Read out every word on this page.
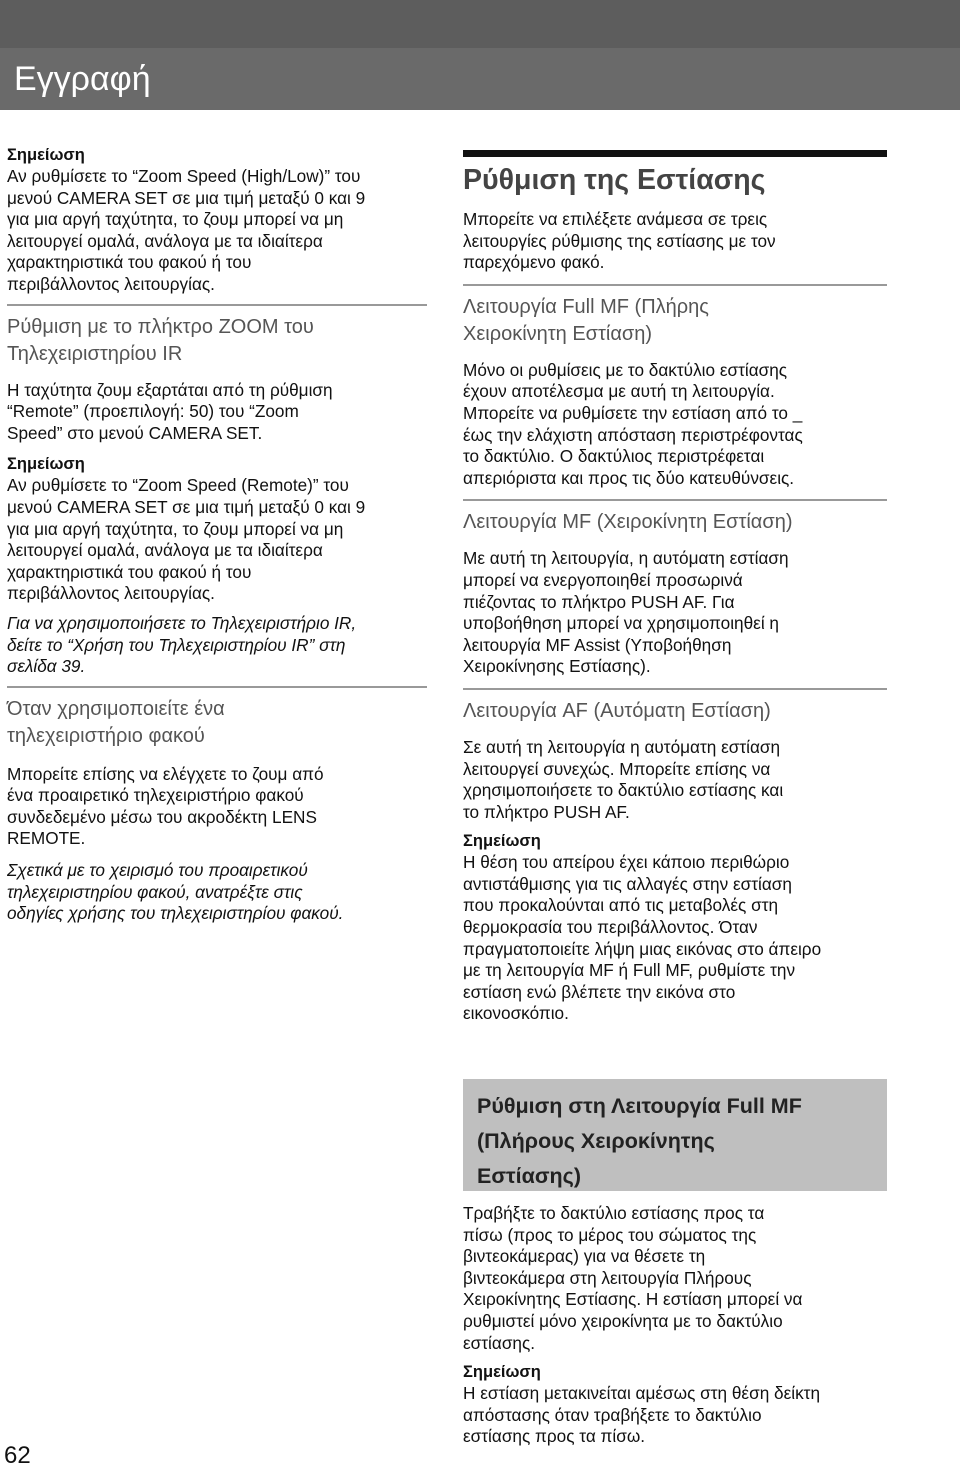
Εγγραφή

Σημείωση

Αν ρυθμίσετε το “Zoom Speed (High/Low)” του

μενού CAMERA SET σε μια τιμή μεταξύ 0 και 9

για μια αργή ταχύτητα, το ζουμ μπορεί να μη

λειτουργεί ομαλά, ανάλογα με τα ιδιαίτερα

χαρακτηριστικά του φακού ή του

περιβάλλοντος λειτουργίας.

Ρύθμιση με το πλήκτρο ZOOM του
Τηλεχειριστηρίου IR

Η ταχύτητα ζουμ εξαρτάται από τη ρύθμιση

“Remote” (προεπιλογή: 50) του “Zoom

Speed” στο μενού CAMERA SET.

Σημείωση

Αν ρυθμίσετε το “Zoom Speed (Remote)” του

μενού CAMERA SET σε μια τιμή μεταξύ 0 και 9

για μια αργή ταχύτητα, το ζουμ μπορεί να μη

λειτουργεί ομαλά, ανάλογα με τα ιδιαίτερα

χαρακτηριστικά του φακού ή του

περιβάλλοντος λειτουργίας.

Για να χρησιμοποιήσετε το Τηλεχειριστήριο IR,

δείτε το “Χρήση του Τηλεχειριστηρίου IR” στη

σελίδα 39.

Όταν χρησιμοποιείτε ένα
τηλεχειριστήριο φακού

Μπορείτε επίσης να ελέγχετε το ζουμ από

ένα προαιρετικό τηλεχειριστήριο φακού

συνδεδεμένο μέσω του ακροδέκτη LENS

REMOTE.

Σχετικά με το χειρισμό του προαιρετικού

τηλεχειριστηρίου φακού, ανατρέξτε στις

οδηγίες χρήσης του τηλεχειριστηρίου φακού.

Ρύθμιση της Εστίασης

Μπορείτε να επιλέξετε ανάμεσα σε τρεις

λειτουργίες ρύθμισης της εστίασης με τον

παρεχόμενο φακό.

Λειτουργία Full MF (Πλήρης
Χειροκίνητη Εστίαση)

Μόνο οι ρυθμίσεις με το δακτύλιο εστίασης

έχουν αποτέλεσμα με αυτή τη λειτουργία.

Μπορείτε να ρυθμίσετε την εστίαση από το _

έως την ελάχιστη απόσταση περιστρέφοντας

το δακτύλιο. Ο δακτύλιος περιστρέφεται

απεριόριστα και προς τις δύο κατευθύνσεις.

Λειτουργία MF (Χειροκίνητη Εστίαση)

Με αυτή τη λειτουργία, η αυτόματη εστίαση

μπορεί να ενεργοποιηθεί προσωρινά

πιέζοντας το πλήκτρο PUSH AF. Για

υποβοήθηση μπορεί να χρησιμοποιηθεί η

λειτουργία MF Assist (Υποβοήθηση

Χειροκίνησης Εστίασης).

Λειτουργία AF (Αυτόματη Εστίαση)

Σε αυτή τη λειτουργία η αυτόματη εστίαση

λειτουργεί συνεχώς. Μπορείτε επίσης να

χρησιμοποιήσετε το δακτύλιο εστίασης και

το πλήκτρο PUSH AF.

Σημείωση

Η θέση του απείρου έχει κάποιο περιθώριο

αντιστάθμισης για τις αλλαγές στην εστίαση

που προκαλούνται από τις μεταβολές στη

θερμοκρασία του περιβάλλοντος. Όταν

πραγματοποιείτε λήψη μιας εικόνας στο άπειρο

με τη λειτουργία MF ή Full MF, ρυθμίστε την

εστίαση ενώ βλέπετε την εικόνα στο

εικονοσκόπιο.

Ρύθμιση στη Λειτουργία Full MF
(Πλήρους Χειροκίνητης
Εστίασης)

Τραβήξτε το δακτύλιο εστίασης προς τα

πίσω (προς το μέρος του σώματος της

βιντεοκάμερας) για να θέσετε τη

βιντεοκάμερα στη λειτουργία Πλήρους

Χειροκίνητης Εστίασης. Η εστίαση μπορεί να

ρυθμιστεί μόνο χειροκίνητα με το δακτύλιο

εστίασης.

Σημείωση

Η εστίαση μετακινείται αμέσως στη θέση δείκτη

απόστασης όταν τραβήξετε το δακτύλιο

εστίασης προς τα πίσω.

62
